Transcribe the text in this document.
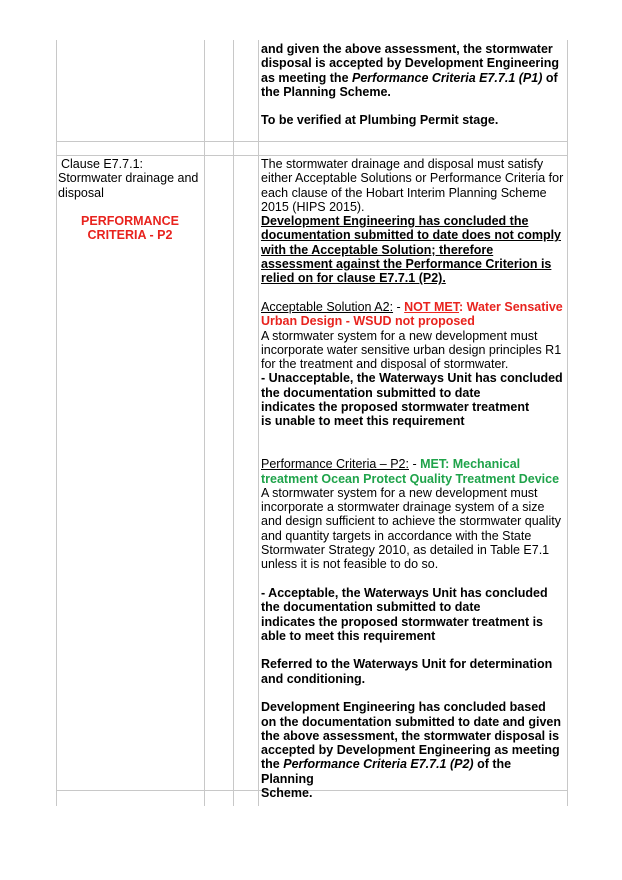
and given the above assessment, the stormwater

disposal is accepted by Development Engineering

as meeting the Performance Criteria E7.7.1 (P1) of

the Planning Scheme.

To be verified at Plumbing Permit stage.

Clause E7.7.1:

Stormwater drainage and disposal

PERFORMANCE CRITERIA - P2

The stormwater drainage and disposal must satisfy either Acceptable Solutions or Performance Criteria for each clause of the Hobart Interim Planning Scheme 2015 (HIPS 2015).

Development Engineering has concluded the documentation submitted to date does not comply with the Acceptable Solution; therefore assessment against the Performance Criterion is relied on for clause E7.7.1 (P2).

Acceptable Solution A2: - NOT MET: Water Sensative Urban Design - WSUD not proposed

A stormwater system for a new development must incorporate water sensitive urban design principles R1 for the treatment and disposal of stormwater.

- Unacceptable, the Waterways Unit has concluded

the documentation submitted to date

indicates the proposed stormwater treatment

is unable to meet this requirement

Performance Criteria – P2: - MET: Mechanical treatment Ocean Protect Quality Treatment Device

A stormwater system for a new development must incorporate a stormwater drainage system of a size and design sufficient to achieve the stormwater quality and quantity targets in accordance with the State Stormwater Strategy 2010, as detailed in Table E7.1 unless it is not feasible to do so.

- Acceptable, the Waterways Unit has concluded

the documentation submitted to date

indicates the proposed stormwater treatment is

able to meet this requirement

Referred to the Waterways Unit for determination

and conditioning.

Development Engineering has concluded based

on the documentation submitted to date and given

the above assessment, the stormwater disposal is

accepted by Development Engineering as meeting

the Performance Criteria E7.7.1 (P2) of the Planning

Scheme.
